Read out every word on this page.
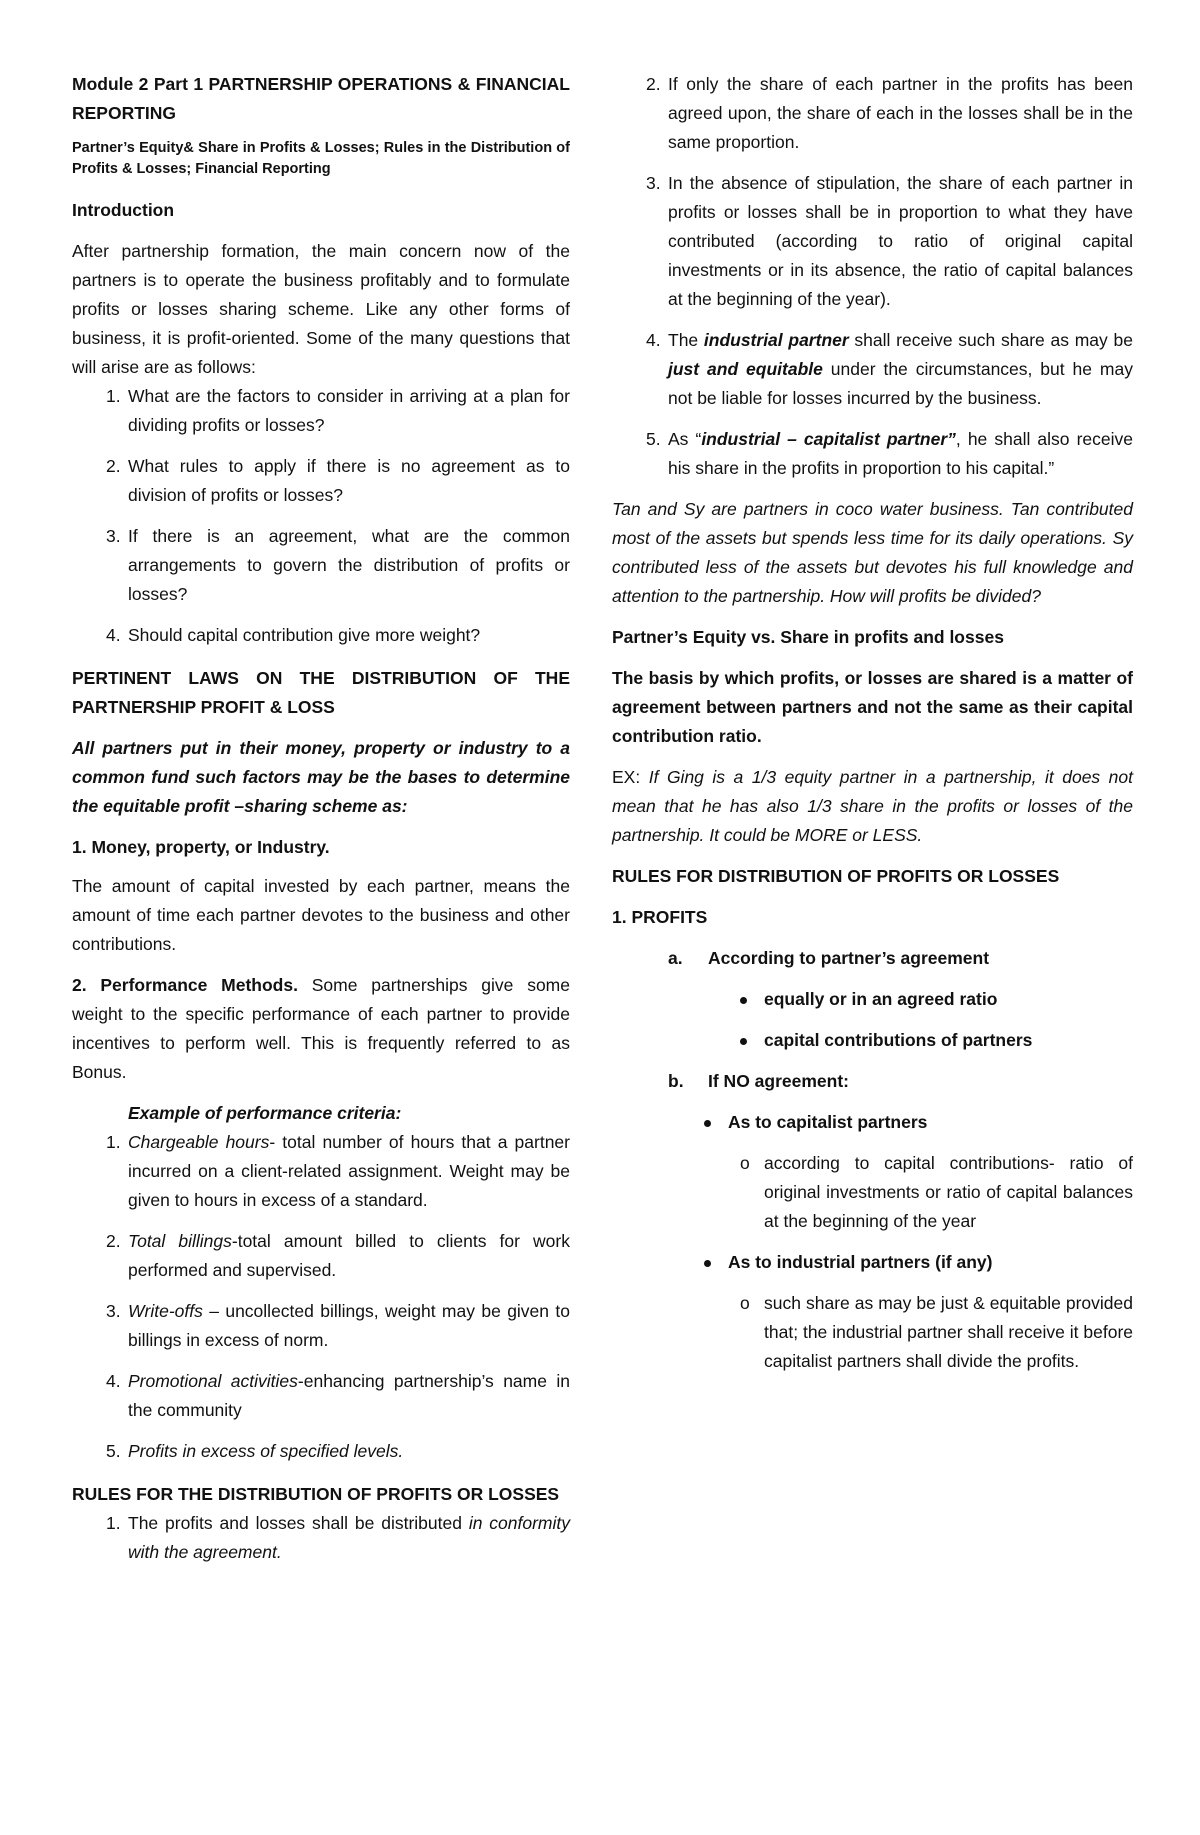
Module 2 Part 1 PARTNERSHIP OPERATIONS & FINANCIAL REPORTING

Partner’s Equity& Share in Profits & Losses; Rules in the Distribution of Profits & Losses; Financial Reporting

Introduction

After partnership formation, the main concern now of the partners is to operate the business profitably and to formulate profits or losses sharing scheme. Like any other forms of business, it is profit-oriented. Some of the many questions that will arise are as follows:

1. What are the factors to consider in arriving at a plan for dividing profits or losses?
2. What rules to apply if there is no agreement as to division of profits or losses?
3. If there is an agreement, what are the common arrangements to govern the distribution of profits or losses?
4. Should capital contribution give more weight?

PERTINENT LAWS ON THE DISTRIBUTION OF THE PARTNERSHIP PROFIT & LOSS

All partners put in their money, property or industry to a common fund such factors may be the bases to determine the equitable profit –sharing scheme as:

1. Money, property, or Industry.

The amount of capital invested by each partner, means the amount of time each partner devotes to the business and other contributions.

2. Performance Methods. Some partnerships give some weight to the specific performance of each partner to provide incentives to perform well. This is frequently referred to as Bonus.

Example of performance criteria:

1. Chargeable hours- total number of hours that a partner incurred on a client-related assignment. Weight may be given to hours in excess of a standard.
2. Total billings-total amount billed to clients for work performed and supervised.
3. Write-offs – uncollected billings, weight may be given to billings in excess of norm.
4. Promotional activities-enhancing partnership’s name in the community
5. Profits in excess of specified levels.

RULES FOR THE DISTRIBUTION OF PROFITS OR LOSSES

1. The profits and losses shall be distributed in conformity with the agreement.
2. If only the share of each partner in the profits has been agreed upon, the share of each in the losses shall be in the same proportion.
3. In the absence of stipulation, the share of each partner in profits or losses shall be in proportion to what they have contributed (according to ratio of original capital investments or in its absence, the ratio of capital balances at the beginning of the year).
4. The industrial partner shall receive such share as may be just and equitable under the circumstances, but he may not be liable for losses incurred by the business.
5. As “industrial – capitalist partner”, he shall also receive his share in the profits in proportion to his capital.”

Tan and Sy are partners in coco water business. Tan contributed most of the assets but spends less time for its daily operations. Sy contributed less of the assets but devotes his full knowledge and attention to the partnership. How will profits be divided?

Partner’s Equity vs. Share in profits and losses

The basis by which profits, or losses are shared is a matter of agreement between partners and not the same as their capital contribution ratio.

EX: If Ging is a 1/3 equity partner in a partnership, it does not mean that he has also 1/3 share in the profits or losses of the partnership. It could be MORE or LESS.

RULES FOR DISTRIBUTION OF PROFITS OR LOSSES

1. PROFITS

a. According to partner’s agreement
equally or in an agreed ratio
capital contributions of partners
b. If NO agreement:
As to capitalist partners
o according to capital contributions- ratio of original investments or ratio of capital balances at the beginning of the year
As to industrial partners (if any)
o such share as may be just & equitable provided that; the industrial partner shall receive it before capitalist partners shall divide the profits.
